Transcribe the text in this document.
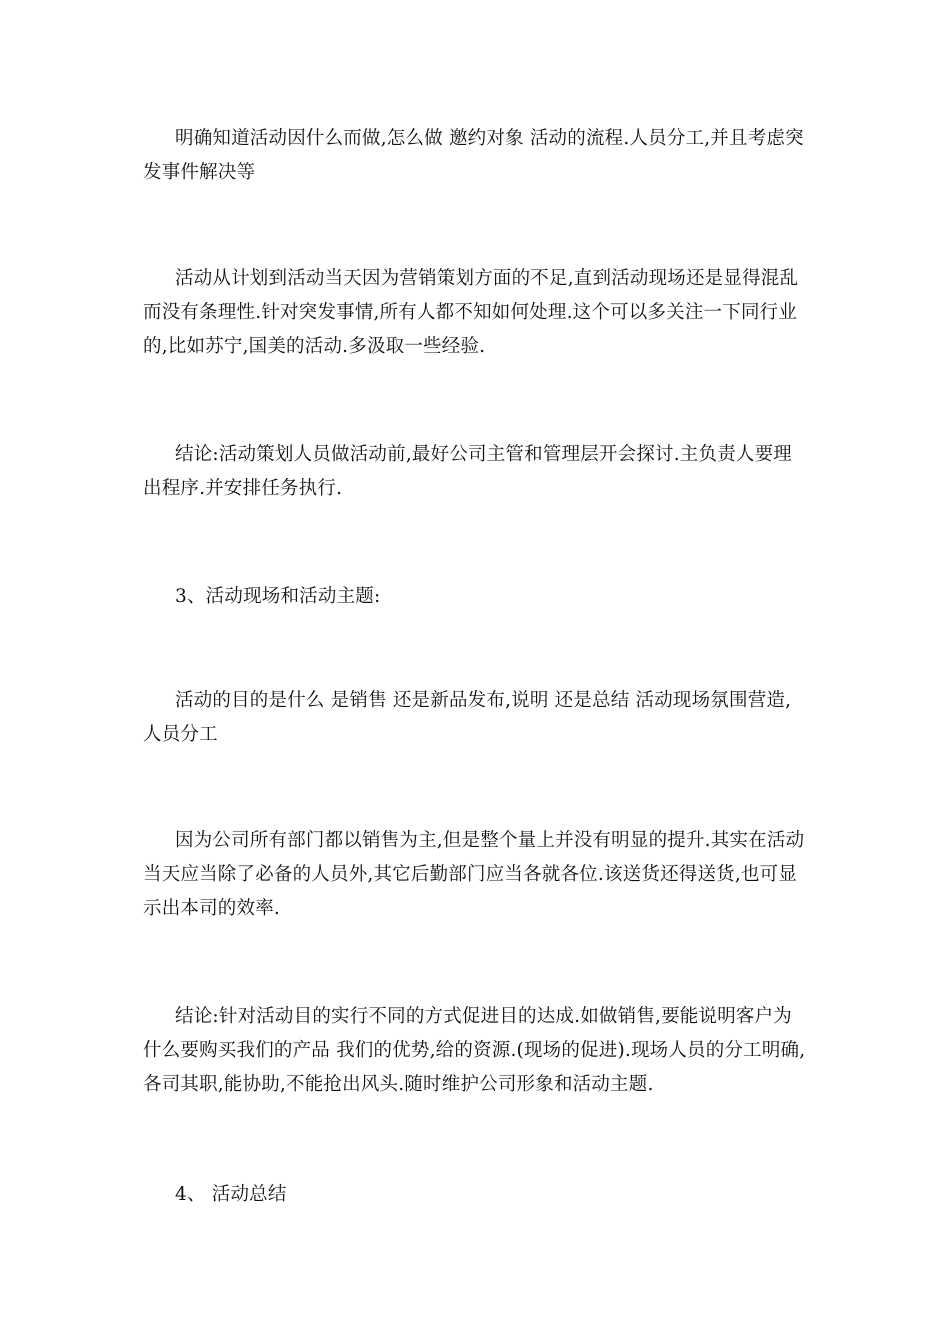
明确知道活动因什么而做,怎么做 邀约对象 活动的流程.人员分工,并且考虑突发事件解决等

活动从计划到活动当天因为营销策划方面的不足,直到活动现场还是显得混乱而没有条理性.针对突发事情,所有人都不知如何处理.这个可以多关注一下同行业的,比如苏宁,国美的活动.多汲取一些经验.

结论:活动策划人员做活动前,最好公司主管和管理层开会探讨.主负责人要理出程序.并安排任务执行.

3、活动现场和活动主题:

活动的目的是什么 是销售 还是新品发布,说明 还是总结 活动现场氛围营造,人员分工

因为公司所有部门都以销售为主,但是整个量上并没有明显的提升.其实在活动当天应当除了必备的人员外,其它后勤部门应当各就各位.该送货还得送货,也可显示出本司的效率.

结论:针对活动目的实行不同的方式促进目的达成.如做销售,要能说明客户为什么要购买我们的产品 我们的优势,给的资源.(现场的促进).现场人员的分工明确,各司其职,能协助,不能抢出风头.随时维护公司形象和活动主题.

4、 活动总结
